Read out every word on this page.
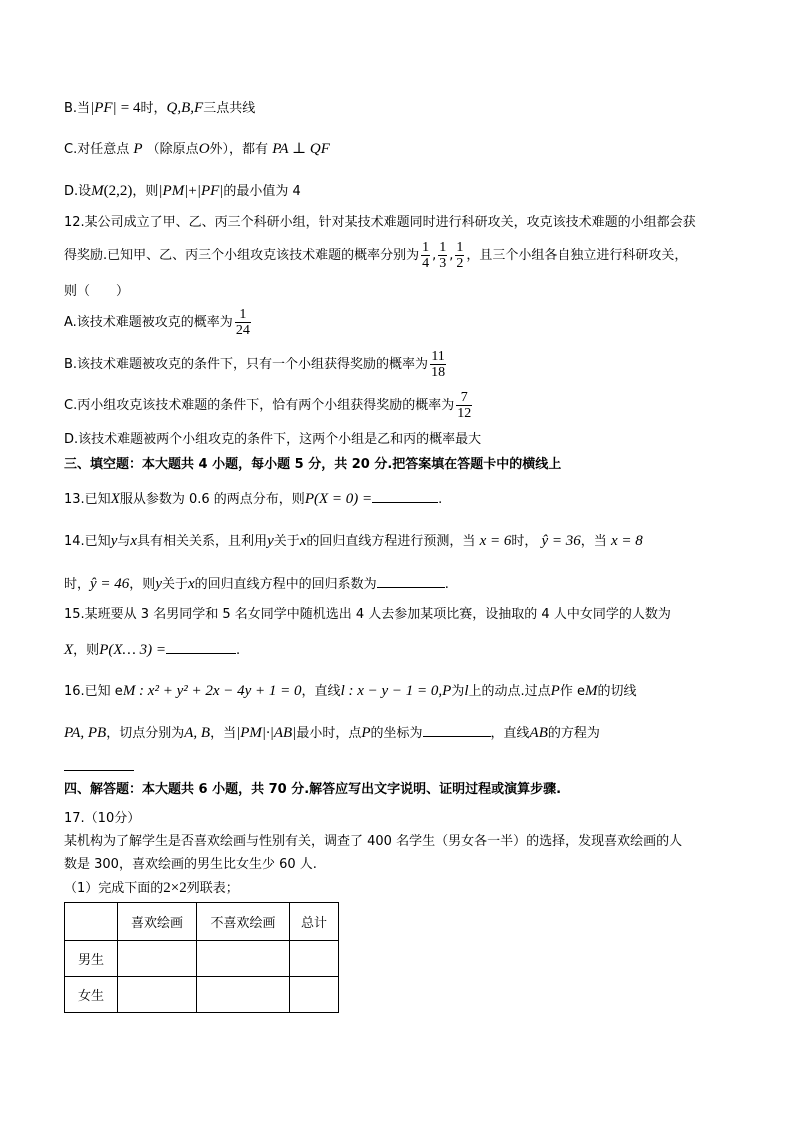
B.当|PF| = 4时，Q,B,F三点共线
C.对任意点 P （除原点O外），都有 PA ⊥ QF
D.设M(2,2)，则|PM|+|PF|的最小值为 4
12.某公司成立了甲、乙、丙三个科研小组，针对某技术难题同时进行科研攻关，攻克该技术难题的小组都会获
得奖励.已知甲、乙、丙三个小组攻克该技术难题的概率分别为 $\frac{1}{4}$ , $\frac{1}{3}$ , $\frac{1}{2}$ ，且三个小组各自独立进行科研攻关，
则（　　）
A.该技术难题被攻克的概率为 $\frac{1}{24}$
B.该技术难题被攻克的条件下，只有一个小组获得奖励的概率为 $\frac{11}{18}$
C.丙小组攻克该技术难题的条件下，恰有两个小组获得奖励的概率为 $\frac{7}{12}$
D.该技术难题被两个小组攻克的条件下，这两个小组是乙和丙的概率最大
三、填空题：本大题共 4 小题，每小题 5 分，共 20 分.把答案填在答题卡中的横线上
13.已知X服从参数为 0.6 的两点分布，则P(X = 0) =	.
14.已知y与x具有相关关系，且利用y关于x的回归直线方程进行预测，当 x = 6时， ŷ = 36，当 x = 8
时，ŷ = 46，则y关于x的回归直线方程中的回归系数为	.
15.某班要从 3 名男同学和 5 名女同学中随机选出 4 人去参加某项比赛，设抽取的 4 人中女同学的人数为
X，则P(X… 3) =	.
16.已知 eM : x² + y² + 2x − 4y + 1 = 0，直线l : x − y − 1 = 0,P为l上的动点.过点P作 eM的切线
PA, PB，切点分别为A, B，当|PM|·|AB|最小时，点P的坐标为	，直线AB的方程为
四、解答题：本大题共 6 小题，共 70 分.解答应写出文字说明、证明过程或演算步骤.
17.（10分）
某机构为了解学生是否喜欢绘画与性别有关，调查了 400 名学生（男女各一半）的选择，发现喜欢绘画的人
数是 300，喜欢绘画的男生比女生少 60 人.
（1）完成下面的2×2列联表；
	喜欢绘画	不喜欢绘画	总计
男生			
女生			
